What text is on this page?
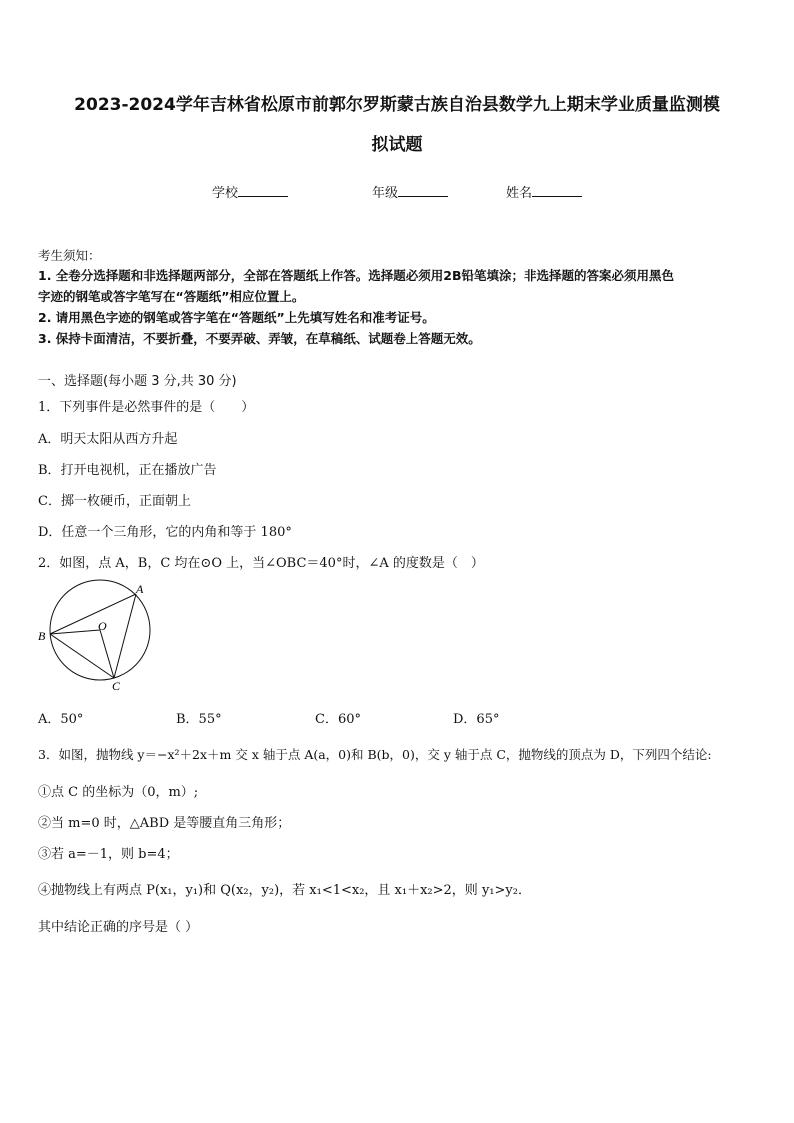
2023-2024学年吉林省松原市前郭尔罗斯蒙古族自治县数学九上期末学业质量监测模
拟试题
学校	年级	姓名
考生须知：
1. 全卷分选择题和非选择题两部分，全部在答题纸上作答。选择题必须用2B铅笔填涂；非选择题的答案必须用黑色
字迹的钢笔或答字笔写在“答题纸”相应位置上。
2. 请用黑色字迹的钢笔或答字笔在“答题纸”上先填写姓名和准考证号。
3. 保持卡面清洁，不要折叠，不要弄破、弄皱，在草稿纸、试题卷上答题无效。
一、选择题(每小题 3 分,共 30 分)
1．下列事件是必然事件的是（　　）
A．明天太阳从西方升起
B．打开电视机，正在播放广告
C．掷一枚硬币，正面朝上
D．任意一个三角形，它的内角和等于 180°
2．如图，点 A，B，C 均在⊙O 上，当∠OBC＝40°时，∠A 的度数是（　）
A
B
C
O
A．50°	B．55°	C．60°	D．65°
3．如图，抛物线 y＝−x²＋2x＋m 交 x 轴于点 A(a，0)和 B(b，0)，交 y 轴于点 C，抛物线的顶点为 D，下列四个结论:
①点 C 的坐标为（0，m）;
②当 m=0 时，△ABD 是等腰直角三角形；
③若 a=－1，则 b=4；
④抛物线上有两点 P(x₁，y₁)和 Q(x₂，y₂)，若 x₁<1<x₂，且 x₁＋x₂>2，则 y₁>y₂．
其中结论正确的序号是（ ）
